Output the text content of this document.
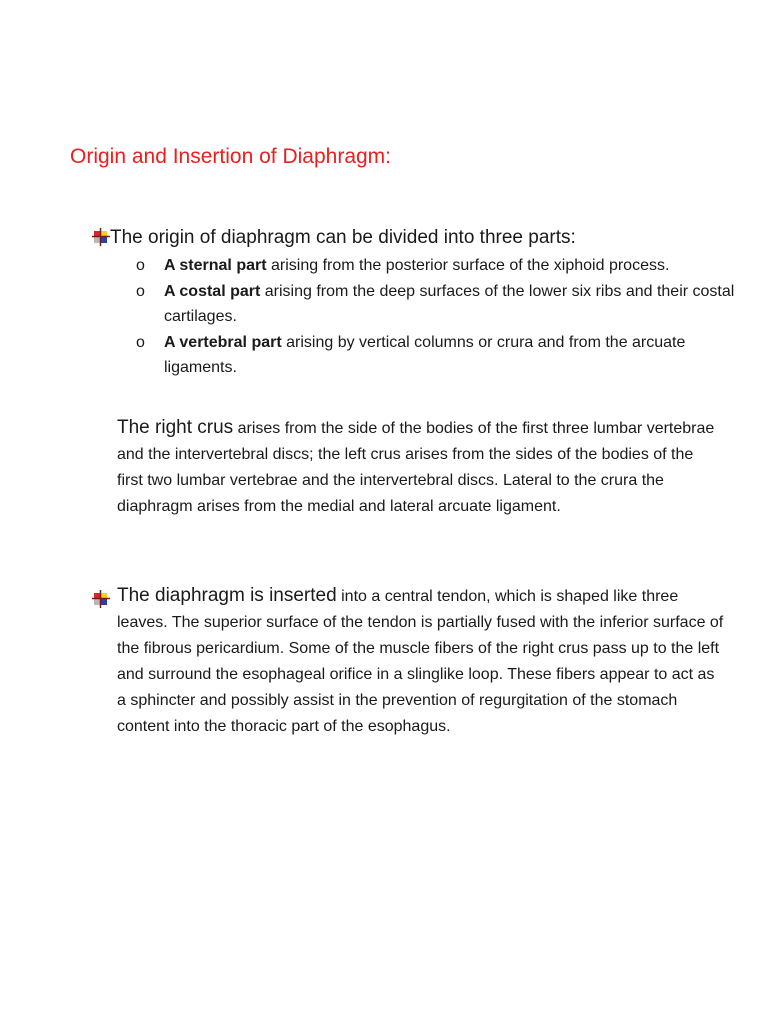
Origin and Insertion of Diaphragm:
The origin of diaphragm can be divided into three parts:
o A sternal part arising from the posterior surface of the xiphoid process.
o A costal part arising from the deep surfaces of the lower six ribs and their costal cartilages.
o A vertebral part arising by vertical columns or crura and from the arcuate ligaments.

The right crus arises from the side of the bodies of the first three lumbar vertebrae and the intervertebral discs; the left crus arises from the sides of the bodies of the first two lumbar vertebrae and the intervertebral discs. Lateral to the crura the diaphragm arises from the medial and lateral arcuate ligament.

The diaphragm is inserted into a central tendon, which is shaped like three leaves. The superior surface of the tendon is partially fused with the inferior surface of the fibrous pericardium. Some of the muscle fibers of the right crus pass up to the left and surround the esophageal orifice in a slinglike loop. These fibers appear to act as a sphincter and possibly assist in the prevention of regurgitation of the stomach content into the thoracic part of the esophagus.
